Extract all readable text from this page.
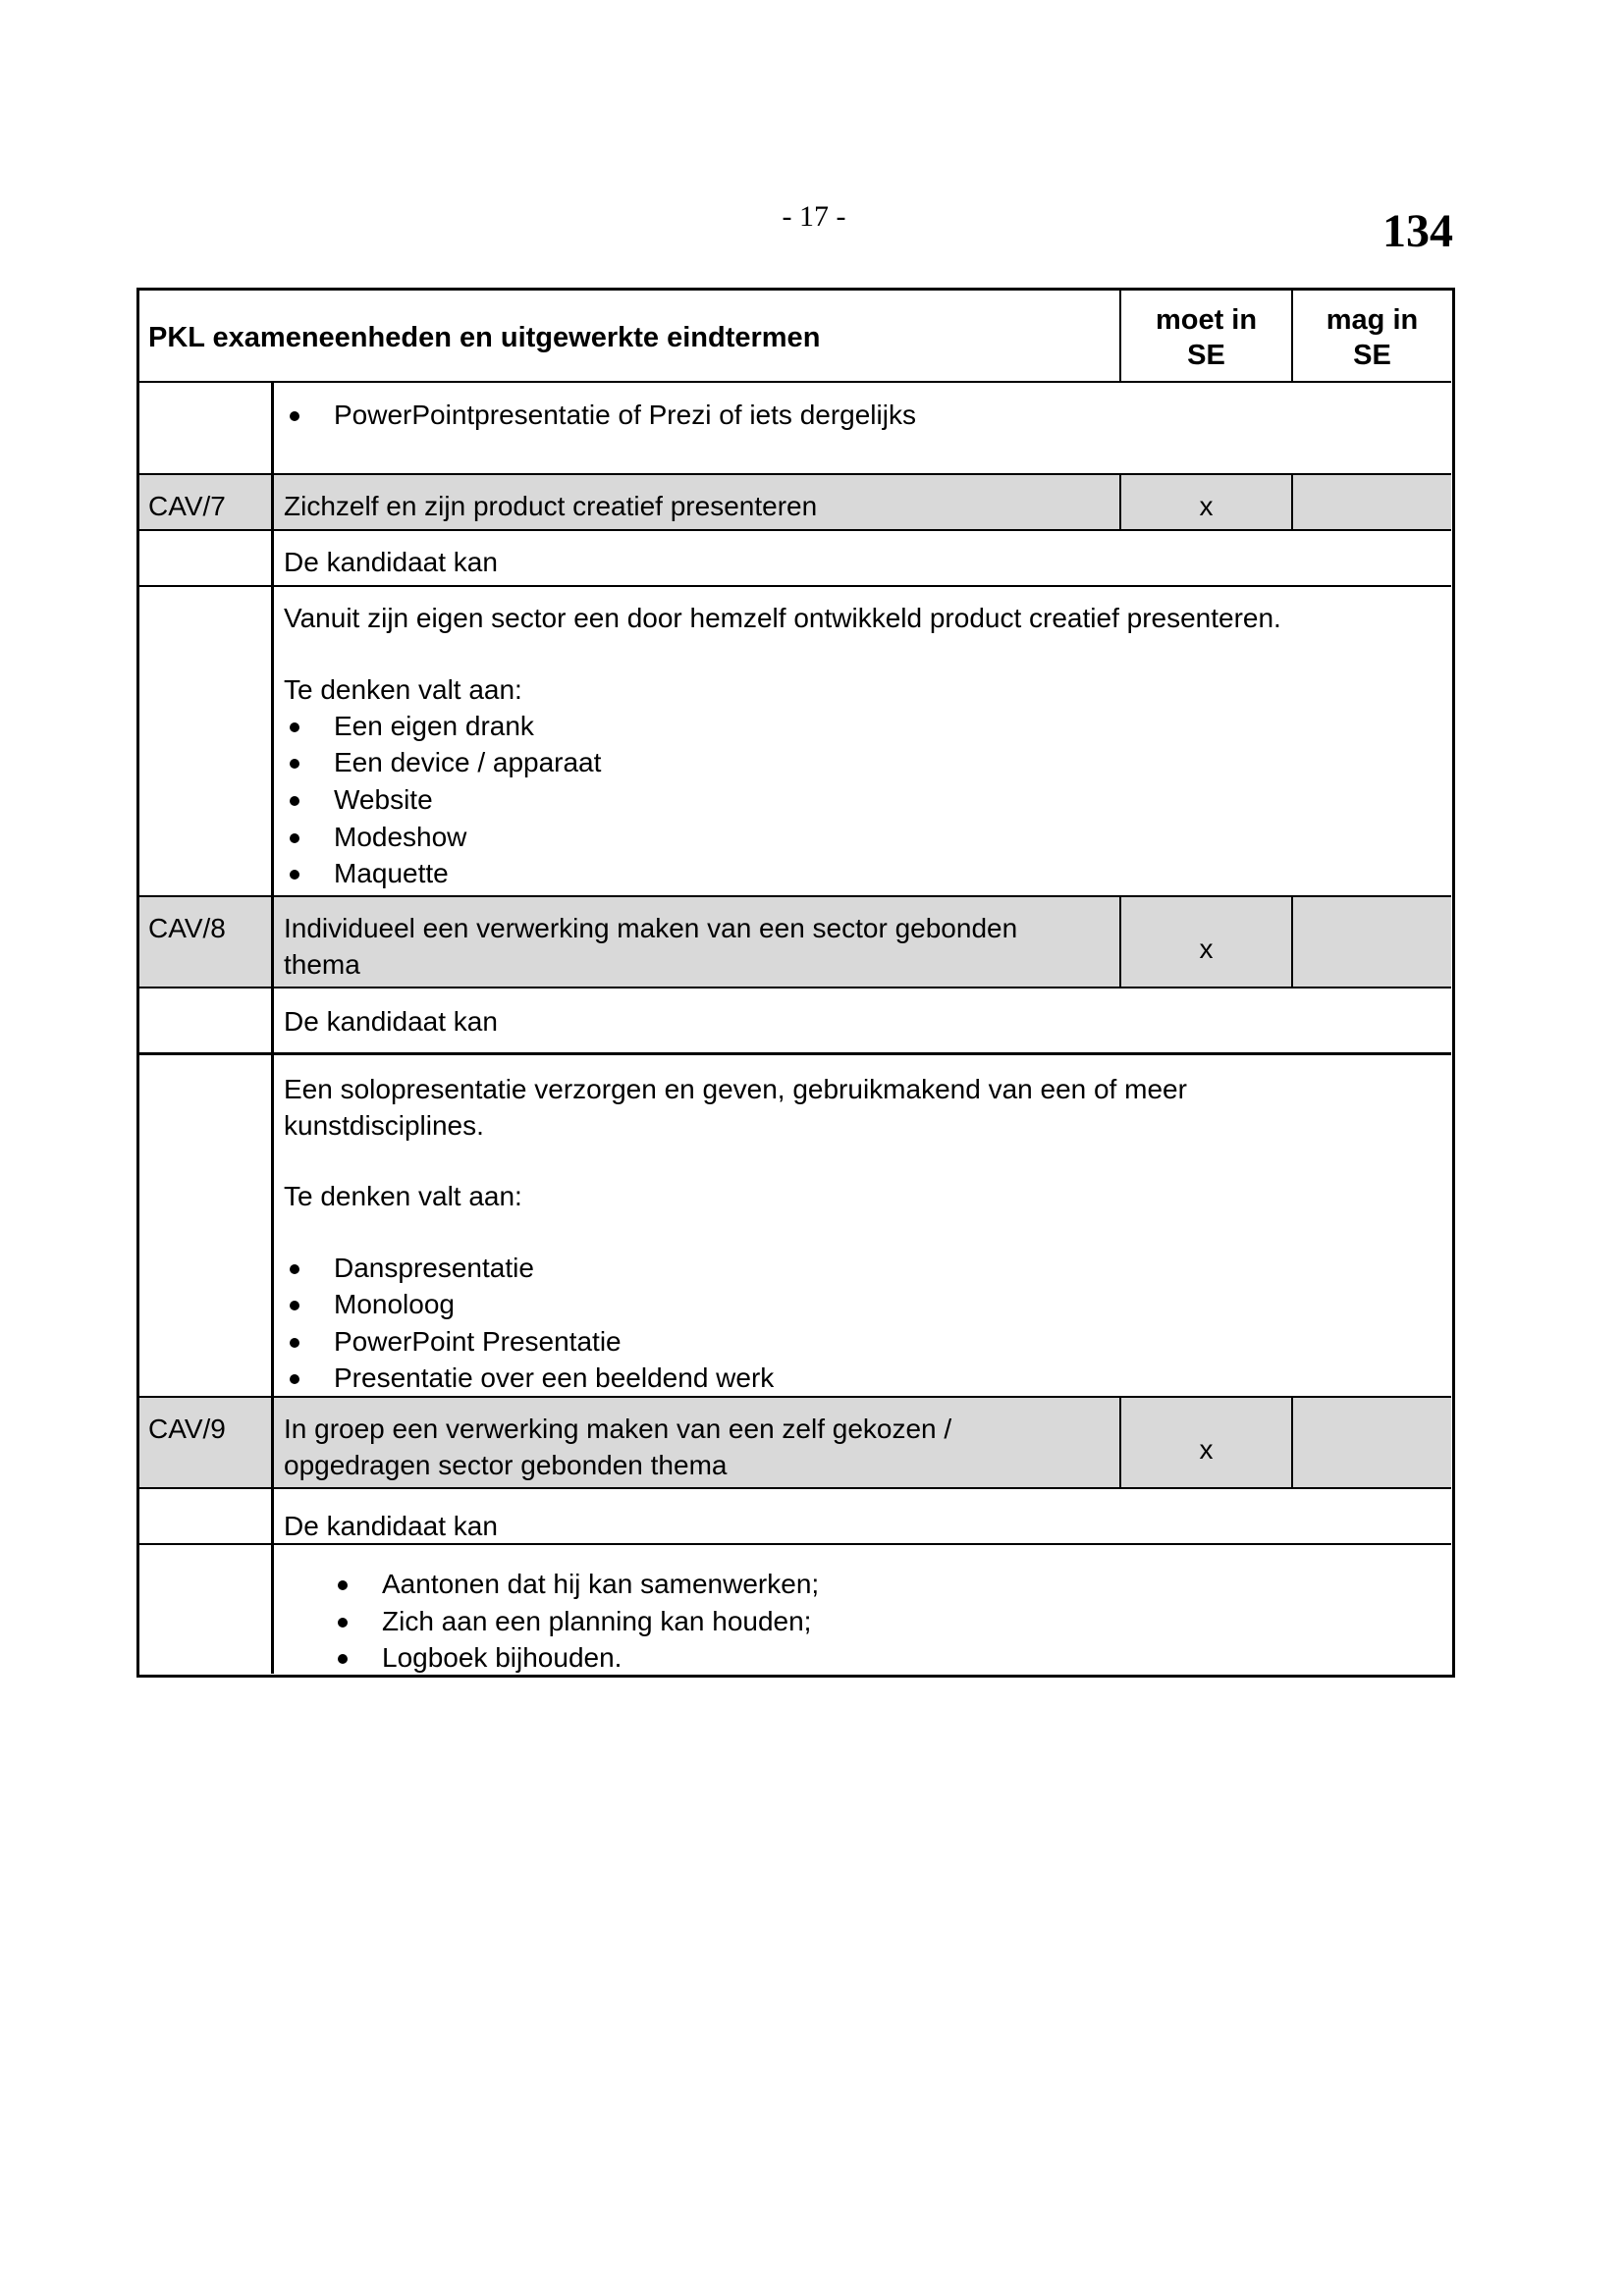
- 17 -	134
PKL exameneenheden en uitgewerkte eindtermen
moet in
SE
mag in
SE
PowerPointpresentatie of Prezi of iets dergelijks
CAV/7 Zichzelf en zijn product creatief presenteren	x
De kandidaat kan
Vanuit zijn eigen sector een door hemzelf ontwikkeld product creatief presenteren.
Te denken valt aan:
Een eigen drank
Een device / apparaat
Website
Modeshow
Maquette
CAV/8 Individueel een verwerking maken van een sector gebonden
thema
x
De kandidaat kan
Een solopresentatie verzorgen en geven, gebruikmakend van een of meer
kunstdisciplines.
Te denken valt aan:
Danspresentatie
Monoloog
PowerPoint Presentatie
Presentatie over een beeldend werk
CAV/9 In groep een verwerking maken van een zelf gekozen /
opgedragen sector gebonden thema
x
De kandidaat kan
Aantonen dat hij kan samenwerken;
Zich aan een planning kan houden;
Logboek bijhouden.
